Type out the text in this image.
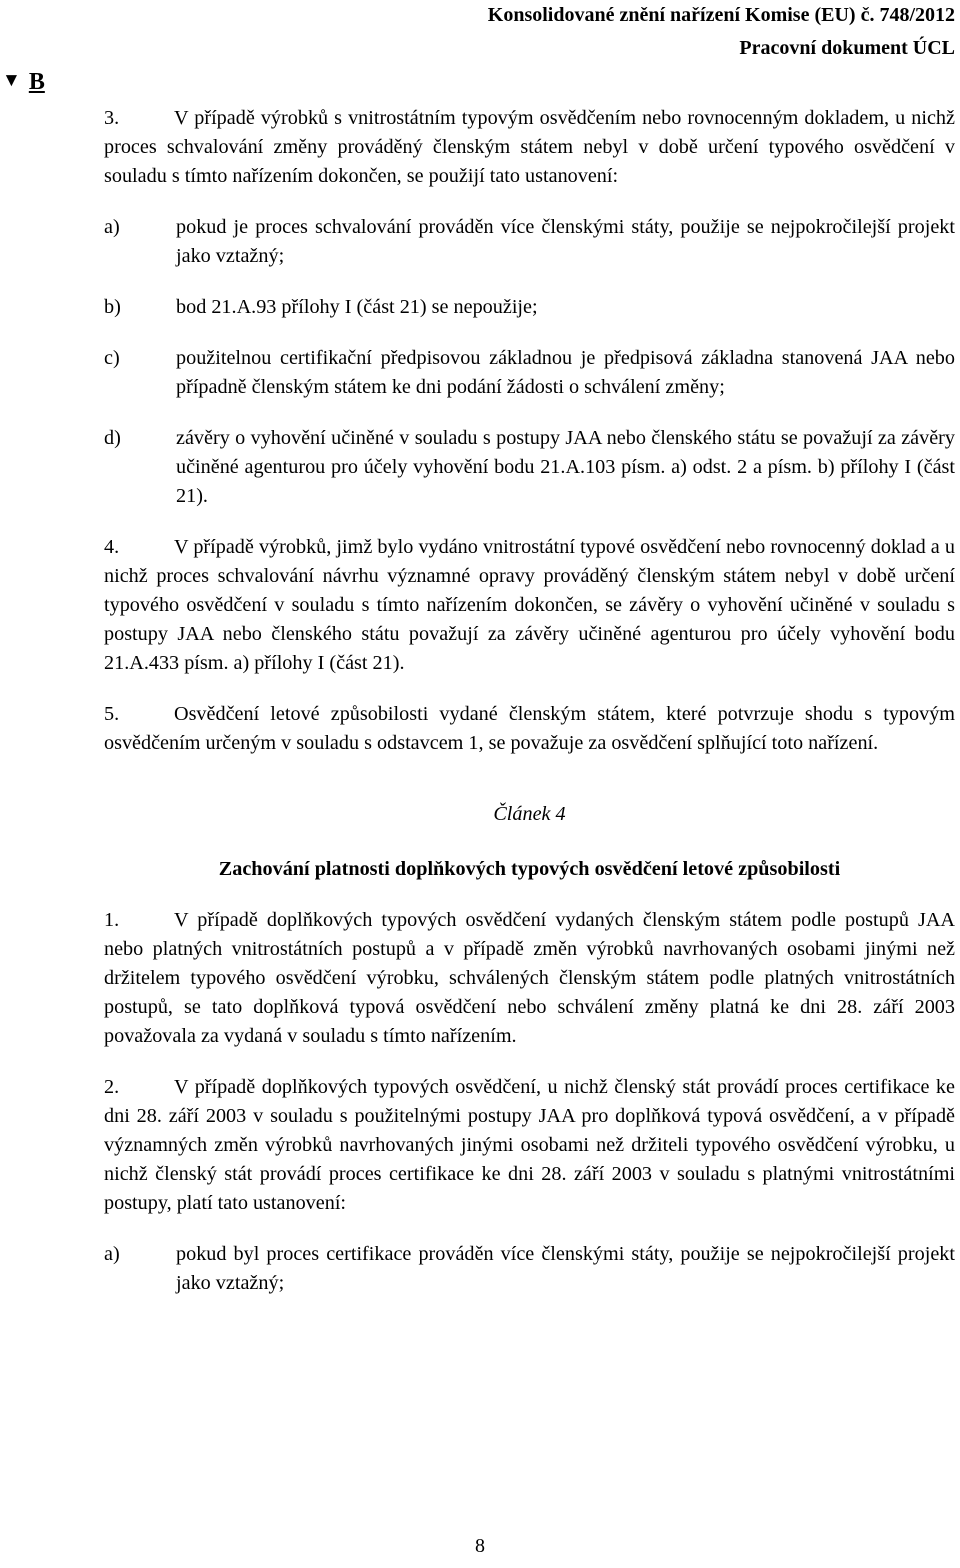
Konsolidované znění nařízení Komise (EU) č. 748/2012
Pracovní dokument ÚCL
▼ B

3.	V případě výrobků s vnitrostátním typovým osvědčením nebo rovnocenným dokladem, u nichž proces schvalování změny prováděný členským státem nebyl v době určení typového osvědčení v souladu s tímto nařízením dokončen, se použijí tato ustanovení:

a)	pokud je proces schvalování prováděn více členskými státy, použije se nejpokročilejší projekt jako vztažný;
b)	bod 21.A.93 přílohy I (část 21) se nepoužije;
c)	použitelnou certifikační předpisovou základnou je předpisová základna stanovená JAA nebo případně členským státem ke dni podání žádosti o schválení změny;
d)	závěry o vyhovění učiněné v souladu s postupy JAA nebo členského státu se považují za závěry učiněné agenturou pro účely vyhovění bodu 21.A.103 písm. a) odst. 2 a písm. b) přílohy I (část 21).

4.	V případě výrobků, jimž bylo vydáno vnitrostátní typové osvědčení nebo rovnocenný doklad a u nichž proces schvalování návrhu významné opravy prováděný členským státem nebyl v době určení typového osvědčení v souladu s tímto nařízením dokončen, se závěry o vyhovění učiněné v souladu s postupy JAA nebo členského státu považují za závěry učiněné agenturou pro účely vyhovění bodu 21.A.433 písm. a) přílohy I (část 21).

5.	Osvědčení letové způsobilosti vydané členským státem, které potvrzuje shodu s typovým osvědčením určeným v souladu s odstavcem 1, se považuje za osvědčení splňující toto nařízení.

Článek 4

Zachování platnosti doplňkových typových osvědčení letové způsobilosti

1.	V případě doplňkových typových osvědčení vydaných členským státem podle postupů JAA nebo platných vnitrostátních postupů a v případě změn výrobků navrhovaných osobami jinými než držitelem typového osvědčení výrobku, schválených členským státem podle platných vnitrostátních postupů, se tato doplňková typová osvědčení nebo schválení změny platná ke dni 28. září 2003 považovala za vydaná v souladu s tímto nařízením.

2.	V případě doplňkových typových osvědčení, u nichž členský stát provádí proces certifikace ke dni 28. září 2003 v souladu s použitelnými postupy JAA pro doplňková typová osvědčení, a v případě významných změn výrobků navrhovaných jinými osobami než držiteli typového osvědčení výrobku, u nichž členský stát provádí proces certifikace ke dni 28. září 2003 v souladu s platnými vnitrostátními postupy, platí tato ustanovení:

a)	pokud byl proces certifikace prováděn více členskými státy, použije se nejpokročilejší projekt jako vztažný;
8
